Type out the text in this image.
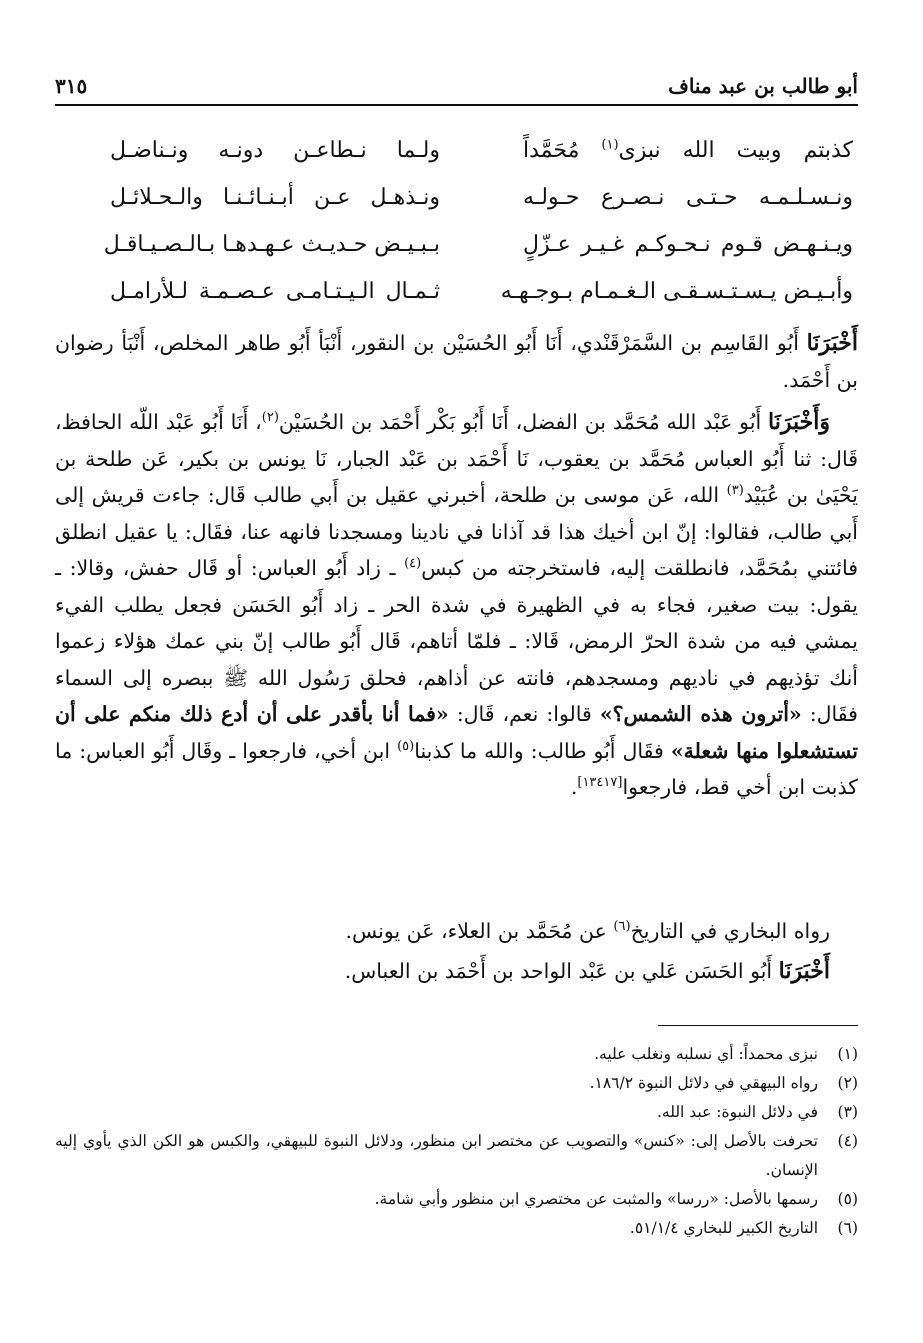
أبو طالب بن عبد مناف
٣١٥
كذبتم وبيت الله نبزى$^{(١)}$ مُحَمَّداً
ولـما نـطاعـن دونـه ونـناضـل
ونـسـلـمـه حـتـى نـصـرع حـولـه
ونـذهـل عـن أبـنـائـنـا والـحـلائـل
ويـنـهـض قـوم نـحـوكـم غـيـر عـزّلٍ
بـبـيـض حـديـث عـهـدهـا بـالـصـيـاقـل
وأبـيـض يـسـتـسـقـى الـغـمـام بـوجـهـه
ثـمـال الـيـتـامـى عـصـمـة لـلأرامـل
أَخْبَرَنَا أَبُو القَاسِم بن السَّمَرْقَنْدي، أَنَا أَبُو الحُسَيْن بن النقور، أَنْبَأ أَبُو طاهر المخلص، أَنْبَأ رضوان بن أَحْمَد.
وَأَخْبَرَنَا أَبُو عَبْد الله مُحَمَّد بن الفضل، أَنَا أَبُو بَكْر أَحْمَد بن الحُسَيْن$^{(٢)}$، أَنَا أَبُو عَبْد اللّه الحافظ، قَال: ثنا أَبُو العباس مُحَمَّد بن يعقوب، نَا أَحْمَد بن عَبْد الجبار، نَا يونس بن بكير، عَن طلحة بن يَحْيَىٰ بن عُبَيْد$^{(٣)}$ الله، عَن موسى بن طلحة، أخبرني عقيل بن أَبي طالب قَال: جاءت قريش إلى أَبي طالب، فقالوا: إنّ ابن أخيك هذا قد آذانا في نادينا ومسجدنا فانهه عنا، فقَال: يا عقيل انطلق فائتني بمُحَمَّد، فانطلقت إليه، فاستخرجته من كبس$^{(٤)}$ ـ زاد أَبُو العباس: أو قَال حفش، وقالا: ـ يقول: بيت صغير، فجاء به في الظهيرة في شدة الحر ـ زاد أَبُو الحَسَن فجعل يطلب الفيء يمشي فيه من شدة الحرّ الرمض، قَالا: ـ فلمّا أتاهم، قَال أَبُو طالب إنّ بني عمك هؤلاء زعموا أنك تؤذيهم في ناديهم ومسجدهم، فانته عن أذاهم، فحلق رَسُول الله ﷺ ببصره إلى السماء فقَال: «أترون هذه الشمس؟» قالوا: نعم، قَال: «فما أنا بأقدر على أن أدع ذلك منكم على أن تستشعلوا منها شعلة» فقَال أَبُو طالب: والله ما كذبنا$^{(٥)}$ ابن أخي، فارجعوا ـ وقَال أَبُو العباس: ما كذبت ابن أخي قط، فارجعوا[١٣٤١٧].
رواه البخاري في التاريخ$^{(٦)}$ عن مُحَمَّد بن العلاء، عَن يونس.
أَخْبَرَنَا أَبُو الحَسَن عَلي بن عَبْد الواحد بن أَحْمَد بن العباس.
(١)
نبزى محمداً: أي نسلبه ونغلب عليه.
(٢)
رواه البيهقي في دلائل النبوة ١٨٦/٢.
(٣)
في دلائل النبوة: عبد الله.
(٤)
تحرفت بالأصل إلى: «كنس» والتصويب عن مختصر ابن منظور، ودلائل النبوة للبيهقي، والكبس هو الكن الذي يأوي إليه الإنسان.
(٥)
رسمها بالأصل: «ررسا» والمثبت عن مختصري ابن منظور وأبي شامة.
(٦)
التاريخ الكبير للبخاري ٥١/١/٤.
